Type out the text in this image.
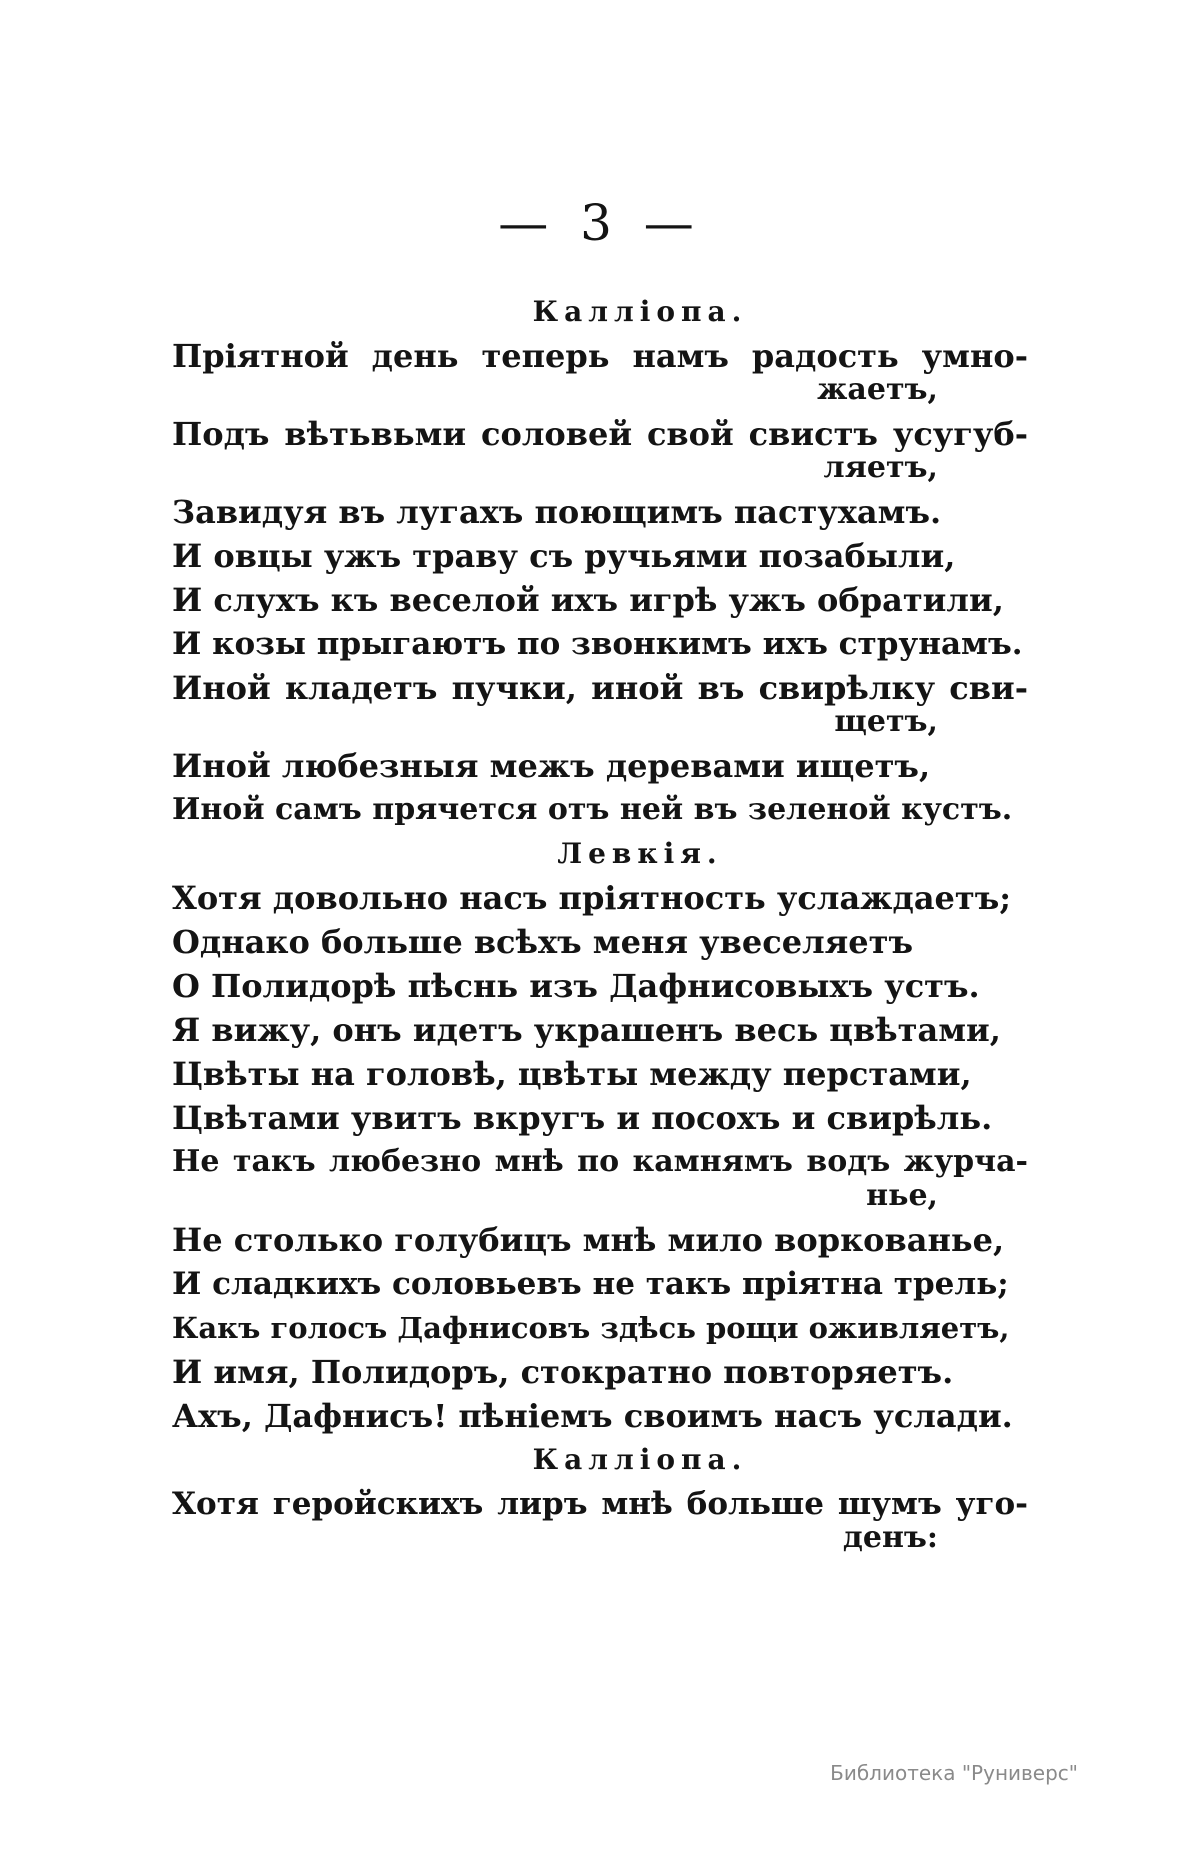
— 3 —
Каллiопа.
Прiятной день теперь намъ радость умно-
жаетъ,
Подъ вѣтьвьми соловей свой свистъ усугуб-
ляетъ,
Завидуя въ лугахъ поющимъ пастухамъ.
И овцы ужъ траву съ ручьями позабыли,
И слухъ къ веселой ихъ игрѣ ужъ обратили,
И козы прыгаютъ по звонкимъ ихъ струнамъ.
Иной кладетъ пучки, иной въ свирѣлку сви-
щетъ,
Иной любезныя межъ деревами ищетъ,
Иной самъ прячется отъ ней въ зеленой кустъ.
Левкiя.
Хотя довольно насъ прiятность услаждаетъ;
Однако больше всѣхъ меня увеселяетъ
О Полидорѣ пѣснь изъ Дафнисовыхъ устъ.
Я вижу, онъ идетъ украшенъ весь цвѣтами,
Цвѣты на головѣ, цвѣты между перстами,
Цвѣтами увитъ вкругъ и посохъ и свирѣль.
Не такъ любезно мнѣ по камнямъ водъ журча-
нье,
Не столько голубицъ мнѣ мило воркованье,
И сладкихъ соловьевъ не такъ прiятна трель;
Какъ голосъ Дафнисовъ здѣсь рощи оживляетъ,
И имя, Полидоръ, стократно повторяетъ.
Ахъ, Дафнисъ! пѣнiемъ своимъ насъ услади.
Каллiопа.
Хотя геройскихъ лиръ мнѣ больше шумъ уго-
денъ:
Библиотека "Руниверс"
